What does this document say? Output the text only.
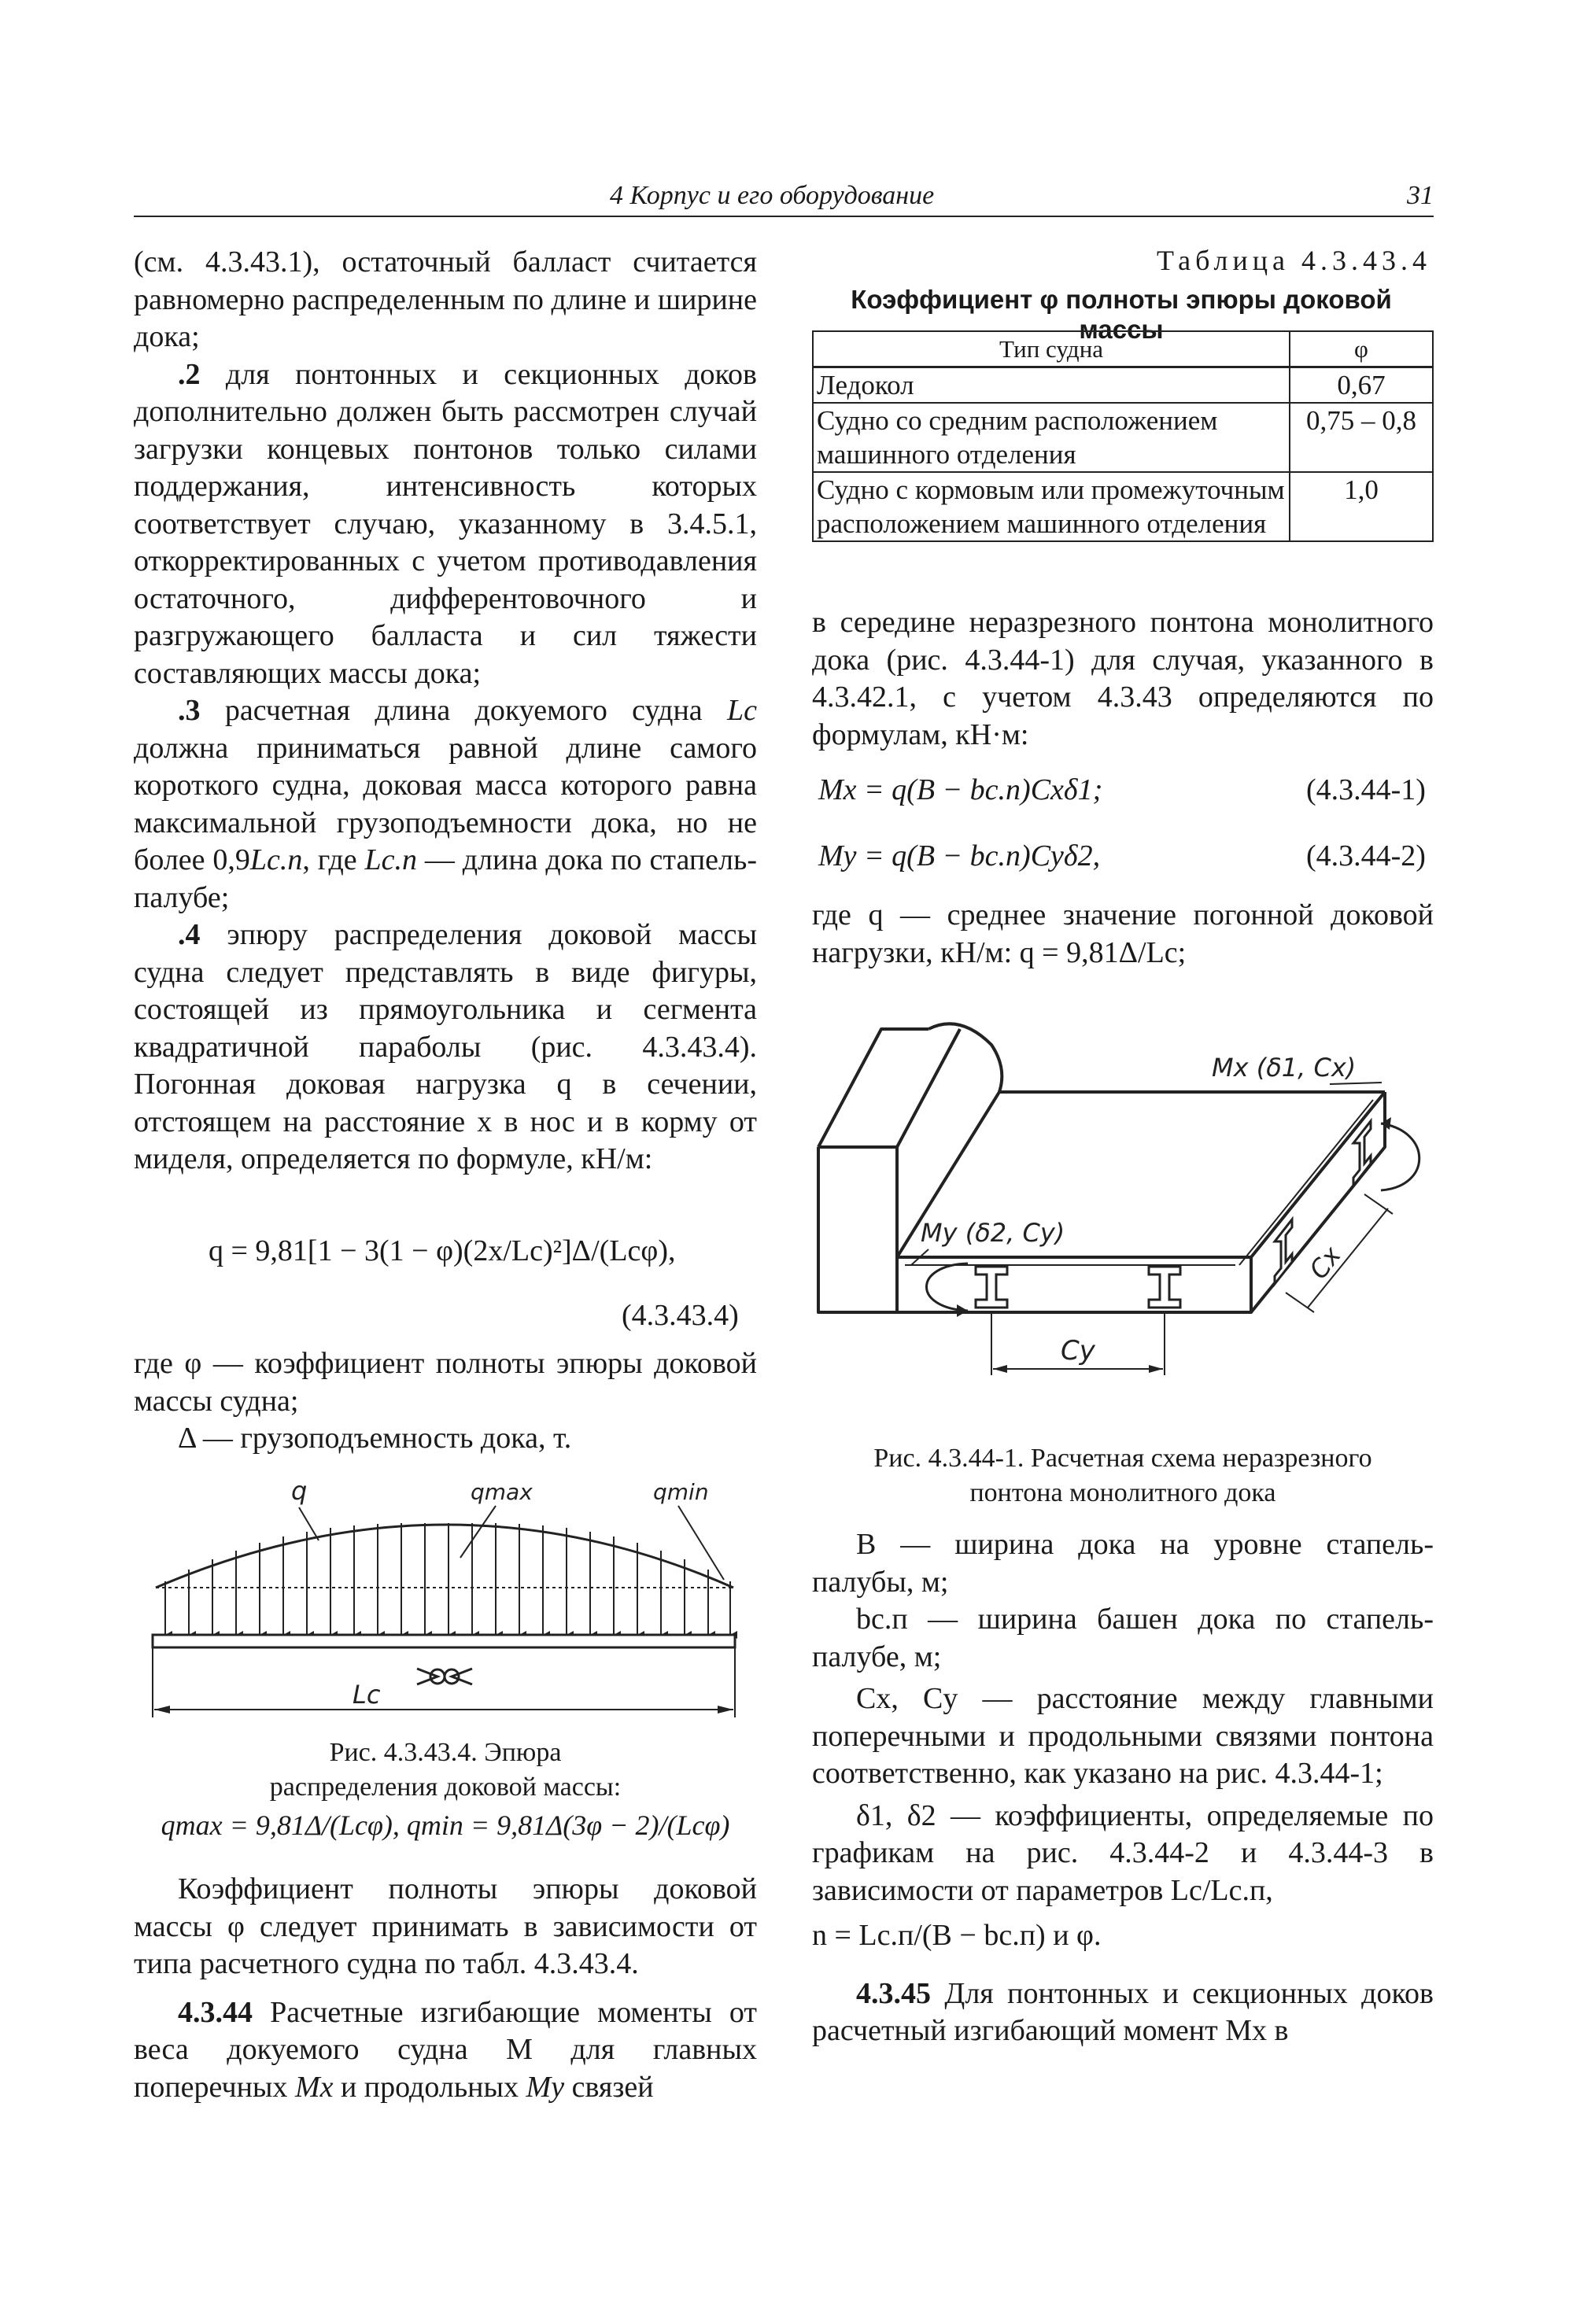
4 Корпус и его оборудование	31

(см. 4.3.43.1), остаточный балласт считается равномерно распределенным по длине и ширине дока;

.2 для понтонных и секционных доков дополнительно должен быть рассмотрен случай загрузки концевых понтонов только силами поддержания, интенсивность которых соответствует случаю, указанному в 3.4.5.1, откорректированных с учетом противодавления остаточного, дифферентовочного и разгружающего балласта и сил тяжести составляющих массы дока;

.3 расчетная длина докуемого судна Lс должна приниматься равной длине самого короткого судна, доковая масса которого равна максимальной грузоподъемности дока, но не более 0,9Lс.п, где Lс.п — длина дока по стапель-палубе;

.4 эпюру распределения доковой массы судна следует представлять в виде фигуры, состоящей из прямоугольника и сегмента квадратичной параболы (рис. 4.3.43.4). Погонная доковая нагрузка q в сечении, отстоящем на расстояние x в нос и в корму от миделя, определяется по формуле, кН/м:

q = 9,81[1 − 3(1 − φ)(2x/Lс)²]Δ/(Lсφ),
(4.3.43.4)

где φ — коэффициент полноты эпюры доковой массы судна;

Δ — грузоподъемность дока, т.

Lс
q	qmax	qmin
Рис. 4.3.43.4. Эпюра
распределения доковой массы:
qmax = 9,81Δ/(Lсφ), qmin = 9,81Δ(3φ − 2)/(Lсφ)

Коэффициент полноты эпюры доковой массы φ следует принимать в зависимости от типа расчетного судна по табл. 4.3.43.4.

4.3.44 Расчетные изгибающие моменты от веса докуемого судна M для главных поперечных Mx и продольных My связей

Таблица 4.3.43.4
Коэффициент φ полноты эпюры доковой массы
Тип судна	φ
Ледокол	0,67
Судно со средним расположением машинного отделения	0,75 – 0,8
Судно с кормовым или промежуточным расположением машинного отделения	1,0

в середине неразрезного понтона монолитного дока (рис. 4.3.44-1) для случая, указанного в 4.3.42.1, с учетом 4.3.43 определяются по формулам, кН·м:

Mx = q(B − bс.п)Cxδ1;	(4.3.44-1)
My = q(B − bс.п)Cyδ2,	(4.3.44-2)

где q — среднее значение погонной доковой нагрузки, кН/м: q = 9,81Δ/Lс;

Cy
Cx
My (δ2, Cy)
Mx (δ1, Cx)
Рис. 4.3.44-1. Расчетная схема неразрезного
понтона монолитного дока

B — ширина дока на уровне стапель-палубы, м;

bс.п — ширина башен дока по стапель-палубе, м;

Cx, Cy — расстояние между главными поперечными и продольными связями понтона соответственно, как указано на рис. 4.3.44-1;

δ1, δ2 — коэффициенты, определяемые по графикам на рис. 4.3.44-2 и 4.3.44-3 в зависимости от параметров Lс/Lс.п,

n = Lс.п/(B − bс.п) и φ.

4.3.45 Для понтонных и секционных доков расчетный изгибающий момент Mx в
